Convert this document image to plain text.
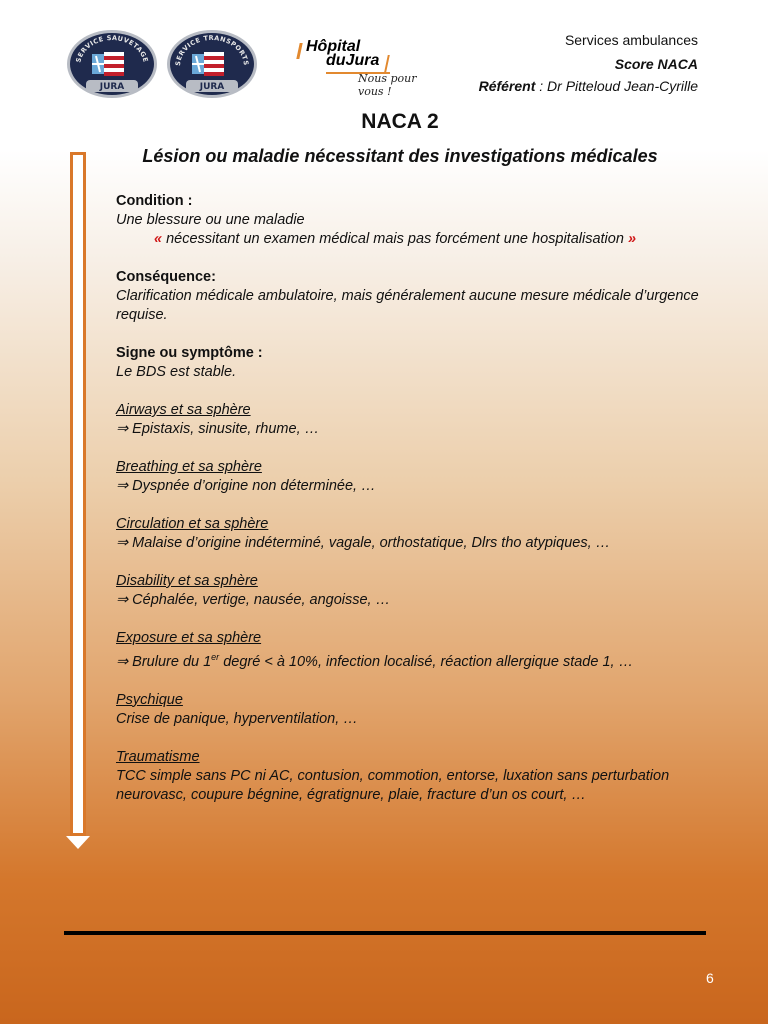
SERVICE SAUVETAGE
JURA
SERVICE TRANSPORTS
JURA
Hôpital
duJura
Nous pour vous !
Services ambulances
Score NACA
Référent : Dr Pitteloud Jean-Cyrille
NACA 2
Lésion ou maladie nécessitant des investigations médicales

Condition :

Une blessure ou une maladie

« nécessitant un examen médical mais pas forcément une hospitalisation »

Conséquence:

Clarification médicale ambulatoire, mais généralement aucune mesure médicale d’urgence requise.

Signe ou symptôme :

Le BDS est stable.

Airways et sa sphère

⇒ Epistaxis, sinusite, rhume, …

Breathing et sa sphère

⇒ Dyspnée d’origine non déterminée, …

Circulation et sa sphère

⇒ Malaise d’origine indéterminé, vagale, orthostatique, Dlrs tho atypiques, …

Disability et sa sphère

⇒ Céphalée, vertige, nausée, angoisse, …

Exposure et sa sphère

⇒ Brulure du 1er degré < à 10%, infection localisé, réaction allergique stade 1, …

Psychique

Crise de panique, hyperventilation, …

Traumatisme

TCC simple sans PC ni AC, contusion, commotion, entorse, luxation sans perturbation neurovasc, coupure bégnine, égratignure, plaie, fracture d’un os court, …

6
